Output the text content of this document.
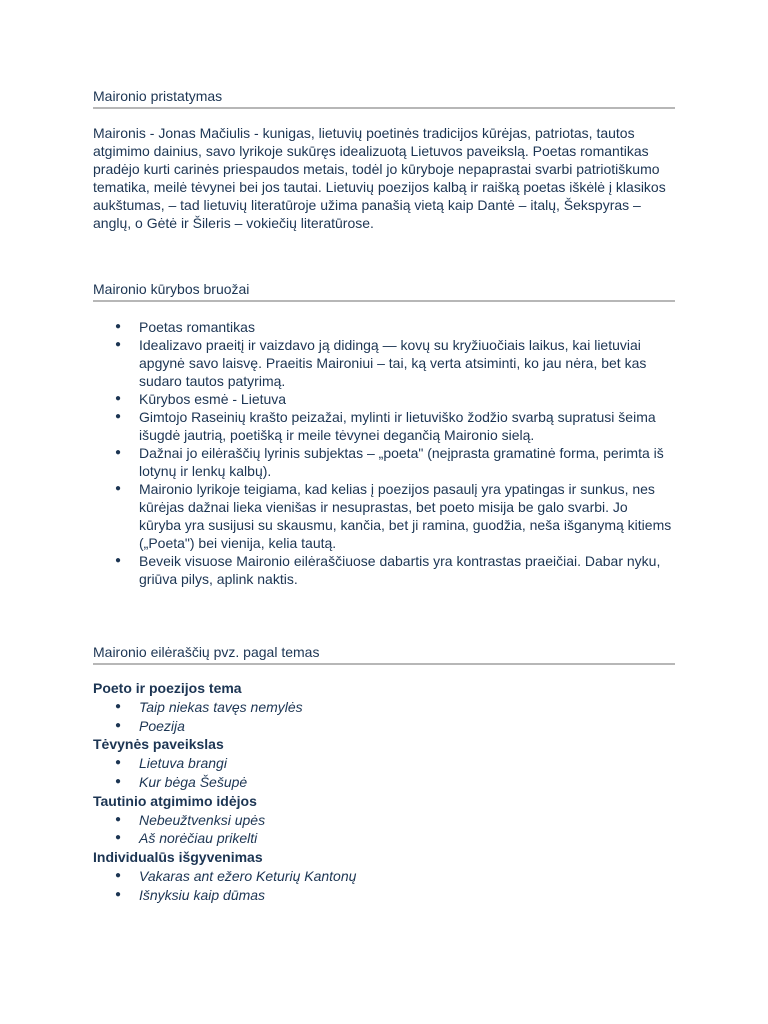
Maironio pristatymas

Maironis - Jonas Mačiulis - kunigas, lietuvių poetinės tradicijos kūrėjas, patriotas, tautos atgimimo dainius, savo lyrikoje sukūręs idealizuotą Lietuvos paveikslą. Poetas romantikas pradėjo kurti carinės priespaudos metais, todėl jo kūryboje nepaprastai svarbi patriotiškumo tematika, meilė tėvynei bei jos tautai. Lietuvių poezijos kalbą ir raišką poetas iškėlė į klasikos aukštumas, – tad lietuvių literatūroje užima panašią vietą kaip Dantė – italų, Šekspyras – anglų, o Gėtė ir Šileris – vokiečių literatūrose.

Maironio kūrybos bruožai
● Poetas romantikas
● Idealizavo praeitį ir vaizdavo ją didingą — kovų su kryžiuočiais laikus, kai lietuviai apgynė savo laisvę. Praeitis Maironiui – tai, ką verta atsiminti, ko jau nėra, bet kas sudaro tautos patyrimą.
● Kūrybos esmė - Lietuva
● Gimtojo Raseinių krašto peizažai, mylinti ir lietuviško žodžio svarbą supratusi šeima išugdė jautrią, poetišką ir meile tėvynei degančią Maironio sielą.
● Dažnai jo eilėraščių lyrinis subjektas – „poeta" (neįprasta gramatinė forma, perimta iš lotynų ir lenkų kalbų).
● Maironio lyrikoje teigiama, kad kelias į poezijos pasaulį yra ypatingas ir sunkus, nes kūrėjas dažnai lieka vienišas ir nesuprastas, bet poeto misija be galo svarbi. Jo kūryba yra susijusi su skausmu, kančia, bet ji ramina, guodžia, neša išganymą kitiems („Poeta") bei vienija, kelia tautą.
● Beveik visuose Maironio eilėraščiuose dabartis yra kontrastas praeičiai. Dabar nyku, griūva pilys, aplink naktis.
Maironio eilėraščių pvz. pagal temas
Poeto ir poezijos tema
● Taip niekas tavęs nemylės
● Poezija
Tėvynės paveikslas
● Lietuva brangi
● Kur bėga Šešupė
Tautinio atgimimo idėjos
● Nebeužtvenksi upės
● Aš norėčiau prikelti
Individualūs išgyvenimas
● Vakaras ant ežero Keturių Kantonų
● Išnyksiu kaip dūmas
